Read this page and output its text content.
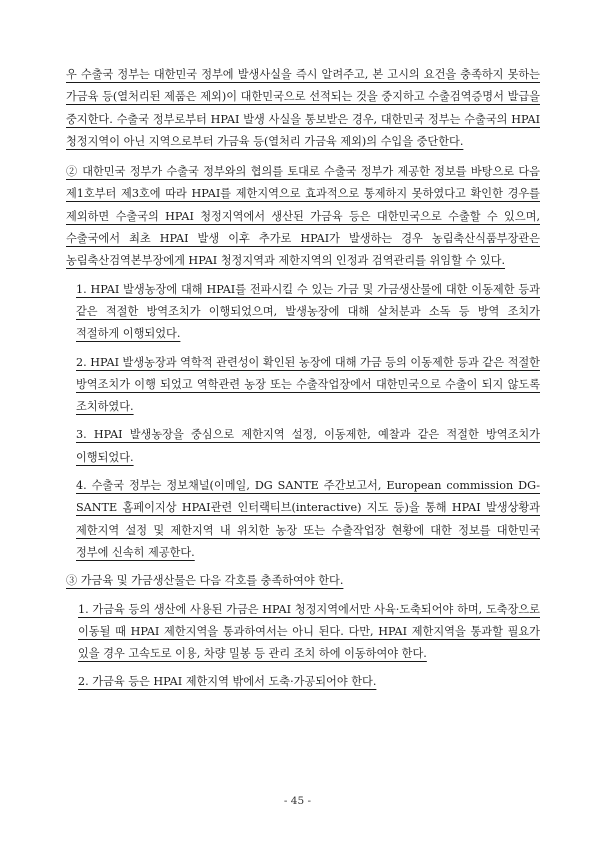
우 수출국 정부는 대한민국 정부에 발생사실을 즉시 알려주고, 본 고시의 요건을 충족하지 못하는 가금육 등(열처리된 제품은 제외)이 대한민국으로 선적되는 것을 중지하고 수출검역증명서 발급을 중지한다. 수출국 정부로부터 HPAI 발생 사실을 통보받은 경우, 대한민국 정부는 수출국의 HPAI 청정지역이 아닌 지역으로부터 가금육 등(열처리 가금육 제외)의 수입을 중단한다.

② 대한민국 정부가 수출국 정부와의 협의를 토대로 수출국 정부가 제공한 정보를 바탕으로 다음 제1호부터 제3호에 따라 HPAI를 제한지역으로 효과적으로 통제하지 못하였다고 확인한 경우를 제외하면 수출국의 HPAI 청정지역에서 생산된 가금육 등은 대한민국으로 수출할 수 있으며, 수출국에서 최초 HPAI 발생 이후 추가로 HPAI가 발생하는 경우 농림축산식품부장관은 농림축산검역본부장에게 HPAI 청정지역과 제한지역의 인정과 검역관리를 위임할 수 있다.

1. HPAI 발생농장에 대해 HPAI를 전파시킬 수 있는 가금 및 가금생산물에 대한 이동제한 등과 같은 적절한 방역조치가 이행되었으며, 발생농장에 대해 살처분과 소독 등 방역 조치가 적절하게 이행되었다.

2. HPAI 발생농장과 역학적 관련성이 확인된 농장에 대해 가금 등의 이동제한 등과 같은 적절한 방역조치가 이행 되었고 역학관련 농장 또는 수출작업장에서 대한민국으로 수출이 되지 않도록 조치하였다.

3. HPAI 발생농장을 중심으로 제한지역 설정, 이동제한, 예찰과 같은 적절한 방역조치가 이행되었다.

4. 수출국 정부는 정보채널(이메일, DG SANTE 주간보고서, European commission DG-SANTE 홈페이지상 HPAI관련 인터랙티브(interactive) 지도 등)을 통해 HPAI 발생상황과 제한지역 설정 및 제한지역 내 위치한 농장 또는 수출작업장 현황에 대한 정보를 대한민국 정부에 신속히 제공한다.

③ 가금육 및 가금생산물은 다음 각호를 충족하여야 한다.

1. 가금육 등의 생산에 사용된 가금은 HPAI 청정지역에서만 사육·도축되어야 하며, 도축장으로 이동될 때 HPAI 제한지역을 통과하여서는 아니 된다. 다만, HPAI 제한지역을 통과할 필요가 있을 경우 고속도로 이용, 차량 밀봉 등 관리 조치 하에 이동하여야 한다.

2. 가금육 등은 HPAI 제한지역 밖에서 도축·가공되어야 한다.

- 45 -
